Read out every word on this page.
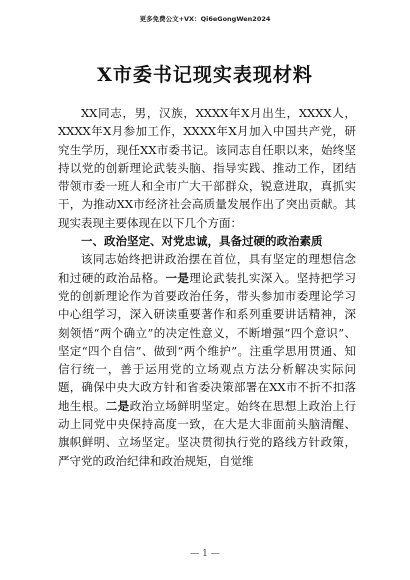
更多免费公文+VX：Qi6eGongWen2024
X市委书记现实表现材料

XX同志，男，汉族，XXXX年X月出生，XXXX人，XXXX年X月参加工作，XXXX年X月加入中国共产党，研究生学历，现任XX市委书记。该同志自任职以来，始终坚持以党的创新理论武装头脑、指导实践、推动工作，团结带领市委一班人和全市广大干部群众，锐意进取，真抓实干，为推动XX市经济社会高质量发展作出了突出贡献。其现实表现主要体现在以下几个方面：

一、政治坚定、对党忠诚，具备过硬的政治素质

该同志始终把讲政治摆在首位，具有坚定的理想信念和过硬的政治品格。一是理论武装扎实深入。坚持把学习党的创新理论作为首要政治任务，带头参加市委理论学习中心组学习，深入研读重要著作和系列重要讲话精神，深刻领悟“两个确立”的决定性意义，不断增强“四个意识”、坚定“四个自信”、做到“两个维护”。注重学思用贯通、知信行统一，善于运用党的立场观点方法分析解决实际问题，确保中央大政方针和省委决策部署在XX市不折不扣落地生根。二是政治立场鲜明坚定。始终在思想上政治上行动上同党中央保持高度一致，在大是大非面前头脑清醒、旗帜鲜明、立场坚定。坚决贯彻执行党的路线方针政策，严守党的政治纪律和政治规矩，自觉维

— 1 —
